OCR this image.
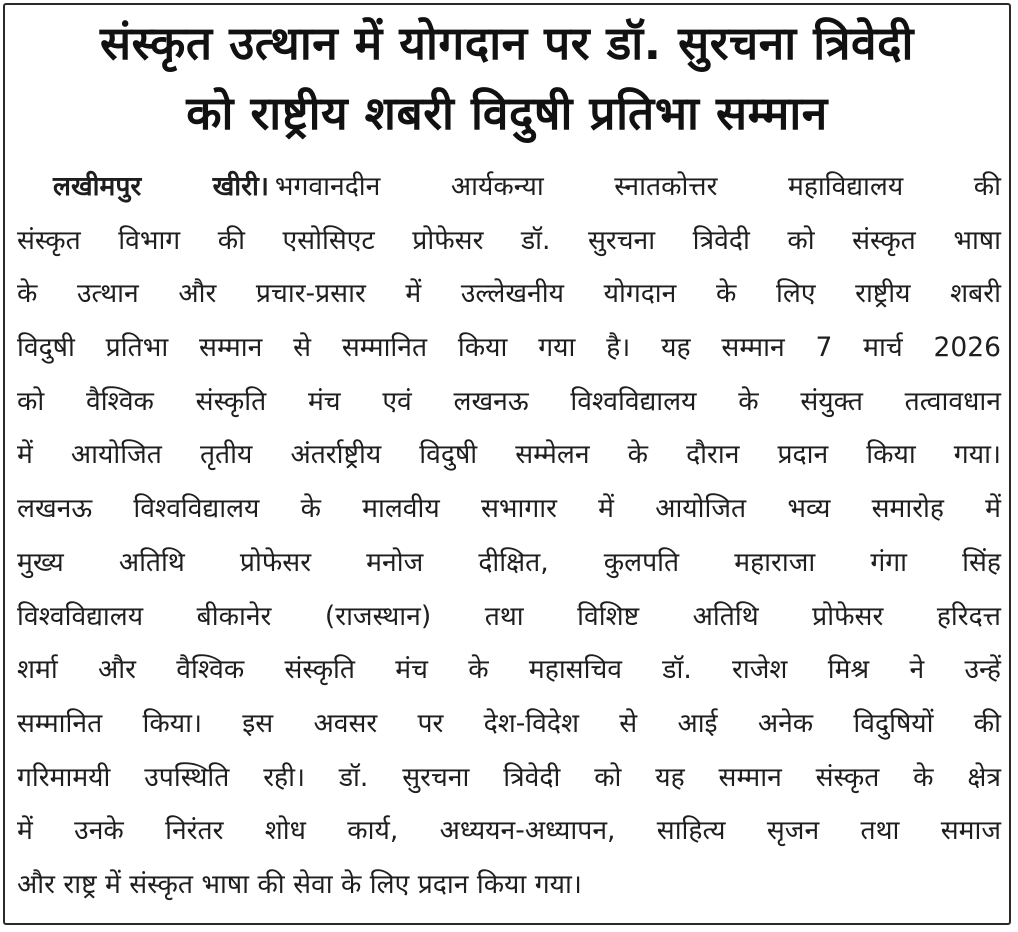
संस्कृत उत्थान में योगदान पर डॉ. सुरचना त्रिवेदी
को राष्ट्रीय शबरी विदुषी प्रतिभा सम्मान
लखीमपुर खीरी। भगवानदीन आर्यकन्या स्नातकोत्तर महाविद्यालय की
संस्कृत विभाग की एसोसिएट प्रोफेसर डॉ. सुरचना त्रिवेदी को संस्कृत भाषा
के उत्थान और प्रचार-प्रसार में उल्लेखनीय योगदान के लिए राष्ट्रीय शबरी
विदुषी प्रतिभा सम्मान से सम्मानित किया गया है। यह सम्मान 7 मार्च 2026
को वैश्विक संस्कृति मंच एवं लखनऊ विश्वविद्यालय के संयुक्त तत्वावधान
में आयोजित तृतीय अंतर्राष्ट्रीय विदुषी सम्मेलन के दौरान प्रदान किया गया।
लखनऊ विश्वविद्यालय के मालवीय सभागार में आयोजित भव्य समारोह में
मुख्य अतिथि प्रोफेसर मनोज दीक्षित, कुलपति महाराजा गंगा सिंह
विश्वविद्यालय बीकानेर (राजस्थान) तथा विशिष्ट अतिथि प्रोफेसर हरिदत्त
शर्मा और वैश्विक संस्कृति मंच के महासचिव डॉ. राजेश मिश्र ने उन्हें
सम्मानित किया। इस अवसर पर देश-विदेश से आई अनेक विदुषियों की
गरिमामयी उपस्थिति रही। डॉ. सुरचना त्रिवेदी को यह सम्मान संस्कृत के क्षेत्र
में उनके निरंतर शोध कार्य, अध्ययन-अध्यापन, साहित्य सृजन तथा समाज
और राष्ट्र में संस्कृत भाषा की सेवा के लिए प्रदान किया गया।
